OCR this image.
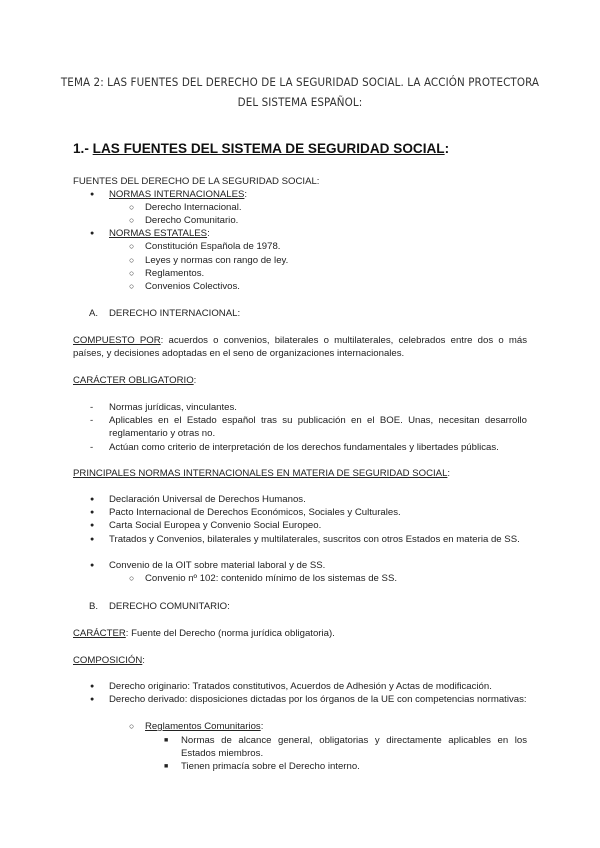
TEMA 2: LAS FUENTES DEL DERECHO DE LA SEGURIDAD SOCIAL. LA ACCIÓN PROTECTORA DEL SISTEMA ESPAÑOL:
1.- LAS FUENTES DEL SISTEMA DE SEGURIDAD SOCIAL:
FUENTES DEL DERECHO DE LA SEGURIDAD SOCIAL:
● NORMAS INTERNACIONALES:
○ Derecho Internacional.
○ Derecho Comunitario.
● NORMAS ESTATALES:
○ Constitución Española de 1978.
○ Leyes y normas con rango de ley.
○ Reglamentos.
○ Convenios Colectivos.
A. DERECHO INTERNACIONAL:
COMPUESTO POR: acuerdos o convenios, bilaterales o multilaterales, celebrados entre dos o más países, y decisiones adoptadas en el seno de organizaciones internacionales.
CARÁCTER OBLIGATORIO:
- Normas jurídicas, vinculantes.
- Aplicables en el Estado español tras su publicación en el BOE. Unas, necesitan desarrollo reglamentario y otras no.
- Actúan como criterio de interpretación de los derechos fundamentales y libertades públicas.
PRINCIPALES NORMAS INTERNACIONALES EN MATERIA DE SEGURIDAD SOCIAL:
● Declaración Universal de Derechos Humanos.
● Pacto Internacional de Derechos Económicos, Sociales y Culturales.
● Carta Social Europea y Convenio Social Europeo.
● Tratados y Convenios, bilaterales y multilaterales, suscritos con otros Estados en materia de SS.
● Convenio de la OIT sobre material laboral y de SS.
○ Convenio nº 102: contenido mínimo de los sistemas de SS.
B. DERECHO COMUNITARIO:
CARÁCTER: Fuente del Derecho (norma jurídica obligatoria).
COMPOSICIÓN:
● Derecho originario: Tratados constitutivos, Acuerdos de Adhesión y Actas de modificación.
● Derecho derivado: disposiciones dictadas por los órganos de la UE con competencias normativas:
○ Reglamentos Comunitarios:
■ Normas de alcance general, obligatorias y directamente aplicables en los Estados miembros.
■ Tienen primacía sobre el Derecho interno.
